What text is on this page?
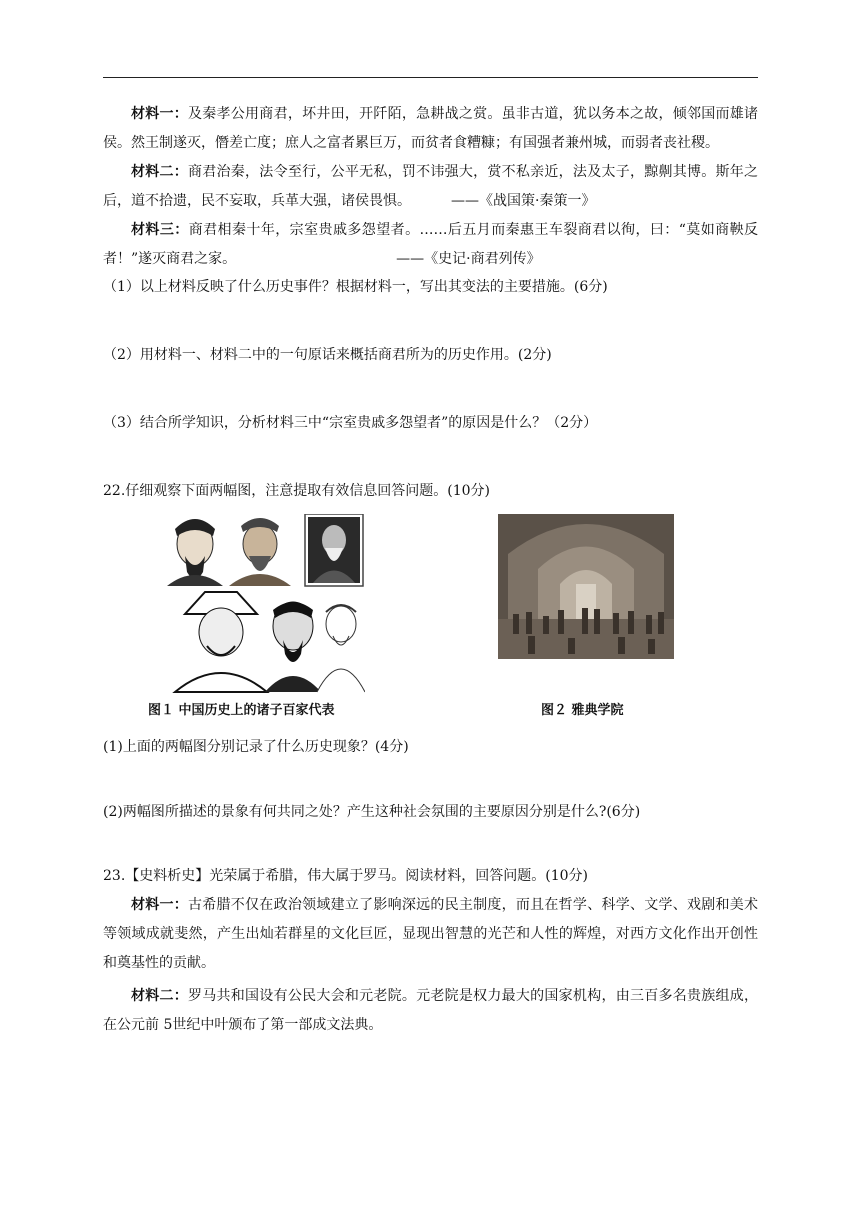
材料一：及秦孝公用商君，坏井田，开阡陌，急耕战之赏。虽非古道，犹以务本之故，倾邻国而雄诸侯。然王制遂灭，僭差亡度；庶人之富者累巨万，而贫者食糟糠；有国强者兼州城，而弱者丧社稷。

材料二：商君治秦，法令至行，公平无私，罚不讳强大，赏不私亲近，法及太子，黥劓其博。斯年之后，道不拾遗，民不妄取，兵革大强，诸侯畏惧。	——《战国策·秦策一》

材料三：商君相秦十年，宗室贵戚多怨望者。……后五月而秦惠王车裂商君以徇，曰：“莫如商鞅反者！”遂灭商君之家。	——《史记·商君列传》

（1）以上材料反映了什么历史事件？根据材料一，写出其变法的主要措施。(6分)

（2）用材料一、材料二中的一句原话来概括商君所为的历史作用。(2分)

（3）结合所学知识，分析材料三中“宗室贵戚多怨望者”的原因是什么？（2分）

22.仔细观察下面两幅图，注意提取有效信息回答问题。(10分)

图１ 中国历史上的诸子百家代表	图２ 雅典学院

(1)上面的两幅图分别记录了什么历史现象？(4分)

(2)两幅图所描述的景象有何共同之处？产生这种社会氛围的主要原因分别是什么?(6分)

23.【史料析史】光荣属于希腊，伟大属于罗马。阅读材料，回答问题。(10分)

材料一：古希腊不仅在政治领域建立了影响深远的民主制度，而且在哲学、科学、文学、戏剧和美术等领域成就斐然，产生出灿若群星的文化巨匠，显现出智慧的光芒和人性的辉煌，对西方文化作出开创性和奠基性的贡献。

材料二：罗马共和国设有公民大会和元老院。元老院是权力最大的国家机构，由三百多名贵族组成，在公元前 5世纪中叶颁布了第一部成文法典。
